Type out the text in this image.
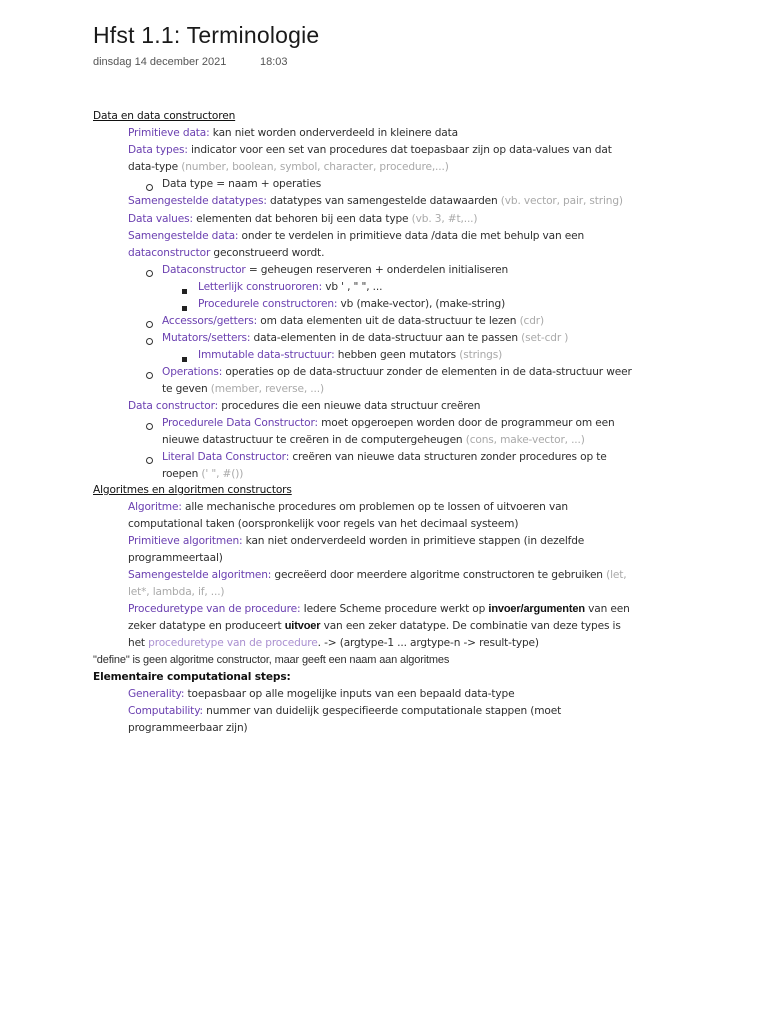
Hfst 1.1: Terminologie
dinsdag 14 december 2021	18:03
Data en data constructoren
Primitieve data: kan niet worden onderverdeeld in kleinere data
Data types: indicator voor een set van procedures dat toepasbaar zijn op data-values van dat
data-type (number, boolean, symbol, character, procedure,...)
Data type = naam + operaties
Samengestelde datatypes: datatypes van samengestelde datawaarden (vb. vector, pair, string)
Data values: elementen dat behoren bij een data type (vb. 3, #t,...)
Samengestelde data: onder te verdelen in primitieve data /data die met behulp van een
dataconstructor geconstrueerd wordt.
Dataconstructor = geheugen reserveren + onderdelen initialiseren
Letterlijk construorоren: vb ' , " ", ...
Procedurele constructoren: vb (make-vector), (make-string)
Accessors/getters: om data elementen uit de data-structuur te lezen (cdr)
Mutators/setters: data-elementen in de data-structuur aan te passen (set-cdr )
Immutable data-structuur: hebben geen mutators (strings)
Operations: operaties op de data-structuur zonder de elementen in de data-structuur weer
te geven (member, reverse, ...)
Data constructor: procedures die een nieuwe data structuur creëren
Procedurele Data Constructor: moet opgeroepen worden door de programmeur om een
nieuwe datastructuur te creëren in de computergeheugen (cons, make-vector, ...)
Literal Data Constructor: creëren van nieuwe data structuren zonder procedures op te
roepen (' ", #())
Algoritmes en algoritmen constructors
Algoritme: alle mechanische procedures om problemen op te lossen of uitvoeren van
computational taken (oorspronkelijk voor regels van het decimaal systeem)
Primitieve algoritmen: kan niet onderverdeeld worden in primitieve stappen (in dezelfde
programmeertaal)
Samengestelde algoritmen: gecreëerd door meerdere algoritme constructoren te gebruiken (let,
let*, lambda, if, ...)
Proceduretype van de procedure: Iedere Scheme procedure werkt op invoer/argumenten van een
zeker datatype en produceert uitvoer van een zeker datatype. De combinatie van deze types is
het proceduretype van de procedure. -> (argtype-1 ... argtype-n -> result-type)
"define" is geen algoritme constructor, maar geeft een naam aan algoritmes
Elementaire computational steps:
Generality: toepasbaar op alle mogelijke inputs van een bepaald data-type
Computability: nummer van duidelijk gespecifieerde computationale stappen (moet
programmeerbaar zijn)
